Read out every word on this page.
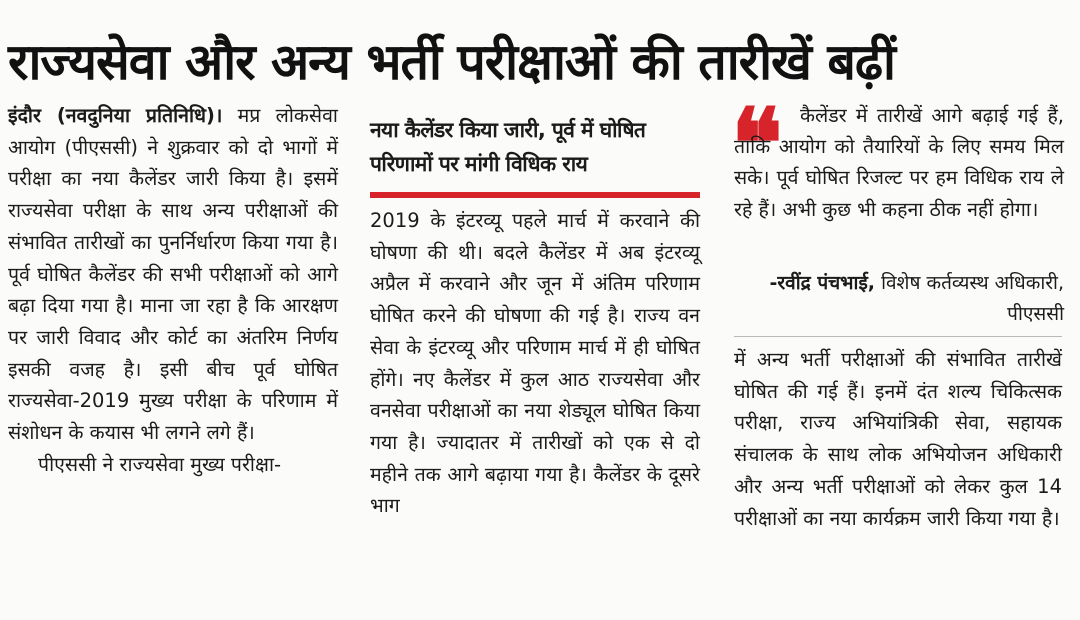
राज्यसेवा और अन्य भर्ती परीक्षाओं की तारीखें बढ़ीं

इंदौर (नवदुनिया प्रतिनिधि)। मप्र लोकसेवा आयोग (पीएससी) ने शुक्रवार को दो भागों में परीक्षा का नया कैलेंडर जारी किया है। इसमें राज्यसेवा परीक्षा के साथ अन्य परीक्षाओं की संभावित तारीखों का पुनर्निर्धारण किया गया है। पूर्व घोषित कैलेंडर की सभी परीक्षाओं को आगे बढ़ा दिया गया है। माना जा रहा है कि आरक्षण पर जारी विवाद और कोर्ट का अंतरिम निर्णय इसकी वजह है। इसी बीच पूर्व घोषित राज्यसेवा-2019 मुख्य परीक्षा के परिणाम में संशोधन के कयास भी लगने लगे हैं।

पीएससी ने राज्यसेवा मुख्य परीक्षा-

नया कैलेंडर किया जारी, पूर्व में घोषित
परिणामों पर मांगी विधिक राय

2019 के इंटरव्यू पहले मार्च में करवाने की घोषणा की थी। बदले कैलेंडर में अब इंटरव्यू अप्रैल में करवाने और जून में अंतिम परिणाम घोषित करने की घोषणा की गई है। राज्य वन सेवा के इंटरव्यू और परिणाम मार्च में ही घोषित होंगे। नए कैलेंडर में कुल आठ राज्यसेवा और वनसेवा परीक्षाओं का नया शेड्यूल घोषित किया गया है। ज्यादातर में तारीखों को एक से दो महीने तक आगे बढ़ाया गया है। कैलेंडर के दूसरे भाग

❝ कैलेंडर में तारीखें आगे बढ़ाई गई हैं, ताकि आयोग को तैयारियों के लिए समय मिल सके। पूर्व घोषित रिजल्ट पर हम विधिक राय ले रहे हैं। अभी कुछ भी कहना ठीक नहीं होगा।
-रवींद्र पंचभाई, विशेष कर्तव्यस्थ अधिकारी, पीएससी

में अन्य भर्ती परीक्षाओं की संभावित तारीखें घोषित की गई हैं। इनमें दंत शल्य चिकित्सक परीक्षा, राज्य अभियांत्रिकी सेवा, सहायक संचालक के साथ लोक अभियोजन अधिकारी और अन्य भर्ती परीक्षाओं को लेकर कुल 14 परीक्षाओं का नया कार्यक्रम जारी किया गया है।
